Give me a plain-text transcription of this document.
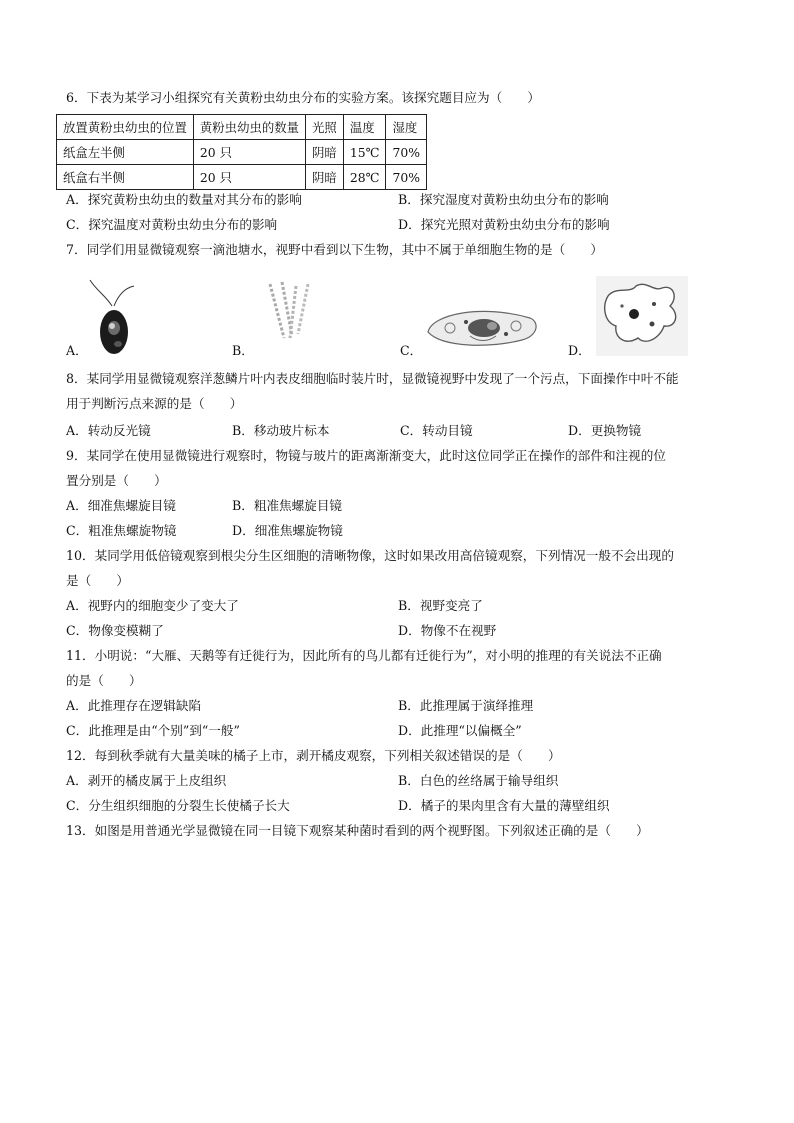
6．下表为某学习小组探究有关黄粉虫幼虫分布的实验方案。该探究题目应为（　　）
放置黄粉虫幼虫的位置	黄粉虫幼虫的数量	光照	温度	湿度
纸盒左半侧	20 只	阴暗	15℃	70%
纸盒右半侧	20 只	阴暗	28℃	70%
A．探究黄粉虫幼虫的数量对其分布的影响	B．探究湿度对黄粉虫幼虫分布的影响
C．探究温度对黄粉虫幼虫分布的影响	D．探究光照对黄粉虫幼虫分布的影响
7．同学们用显微镜观察一滴池塘水，视野中看到以下生物，其中不属于单细胞生物的是（　　）
A．	B．	C．	D．
8．某同学用显微镜观察洋葱鳞片叶内表皮细胞临时装片时，显微镜视野中发现了一个污点，下面操作中叶不能
用于判断污点来源的是（　　）
A．转动反光镜	B．移动玻片标本	C．转动目镜	D．更换物镜
9．某同学在使用显微镜进行观察时，物镜与玻片的距离渐渐变大，此时这位同学正在操作的部件和注视的位
置分别是（　　）
A．细准焦螺旋目镜	B．粗准焦螺旋目镜
C．粗准焦螺旋物镜	D．细准焦螺旋物镜
10．某同学用低倍镜观察到根尖分生区细胞的清晰物像，这时如果改用高倍镜观察，下列情况一般不会出现的
是（　　）
A．视野内的细胞变少了变大了	B．视野变亮了
C．物像变模糊了	D．物像不在视野
11．小明说：“大雁、天鹅等有迁徙行为，因此所有的鸟儿都有迁徙行为”，对小明的推理的有关说法不正确
的是（　　）
A．此推理存在逻辑缺陷	B．此推理属于演绎推理
C．此推理是由“个别”到“一般”	D．此推理“以偏概全”
12．每到秋季就有大量美味的橘子上市，剥开橘皮观察，下列相关叙述错误的是（　　）
A．剥开的橘皮属于上皮组织	B．白色的丝络属于输导组织
C．分生组织细胞的分裂生长使橘子长大	D．橘子的果肉里含有大量的薄壁组织
13．如图是用普通光学显微镜在同一目镜下观察某种菌时看到的两个视野图。下列叙述正确的是（　　）
